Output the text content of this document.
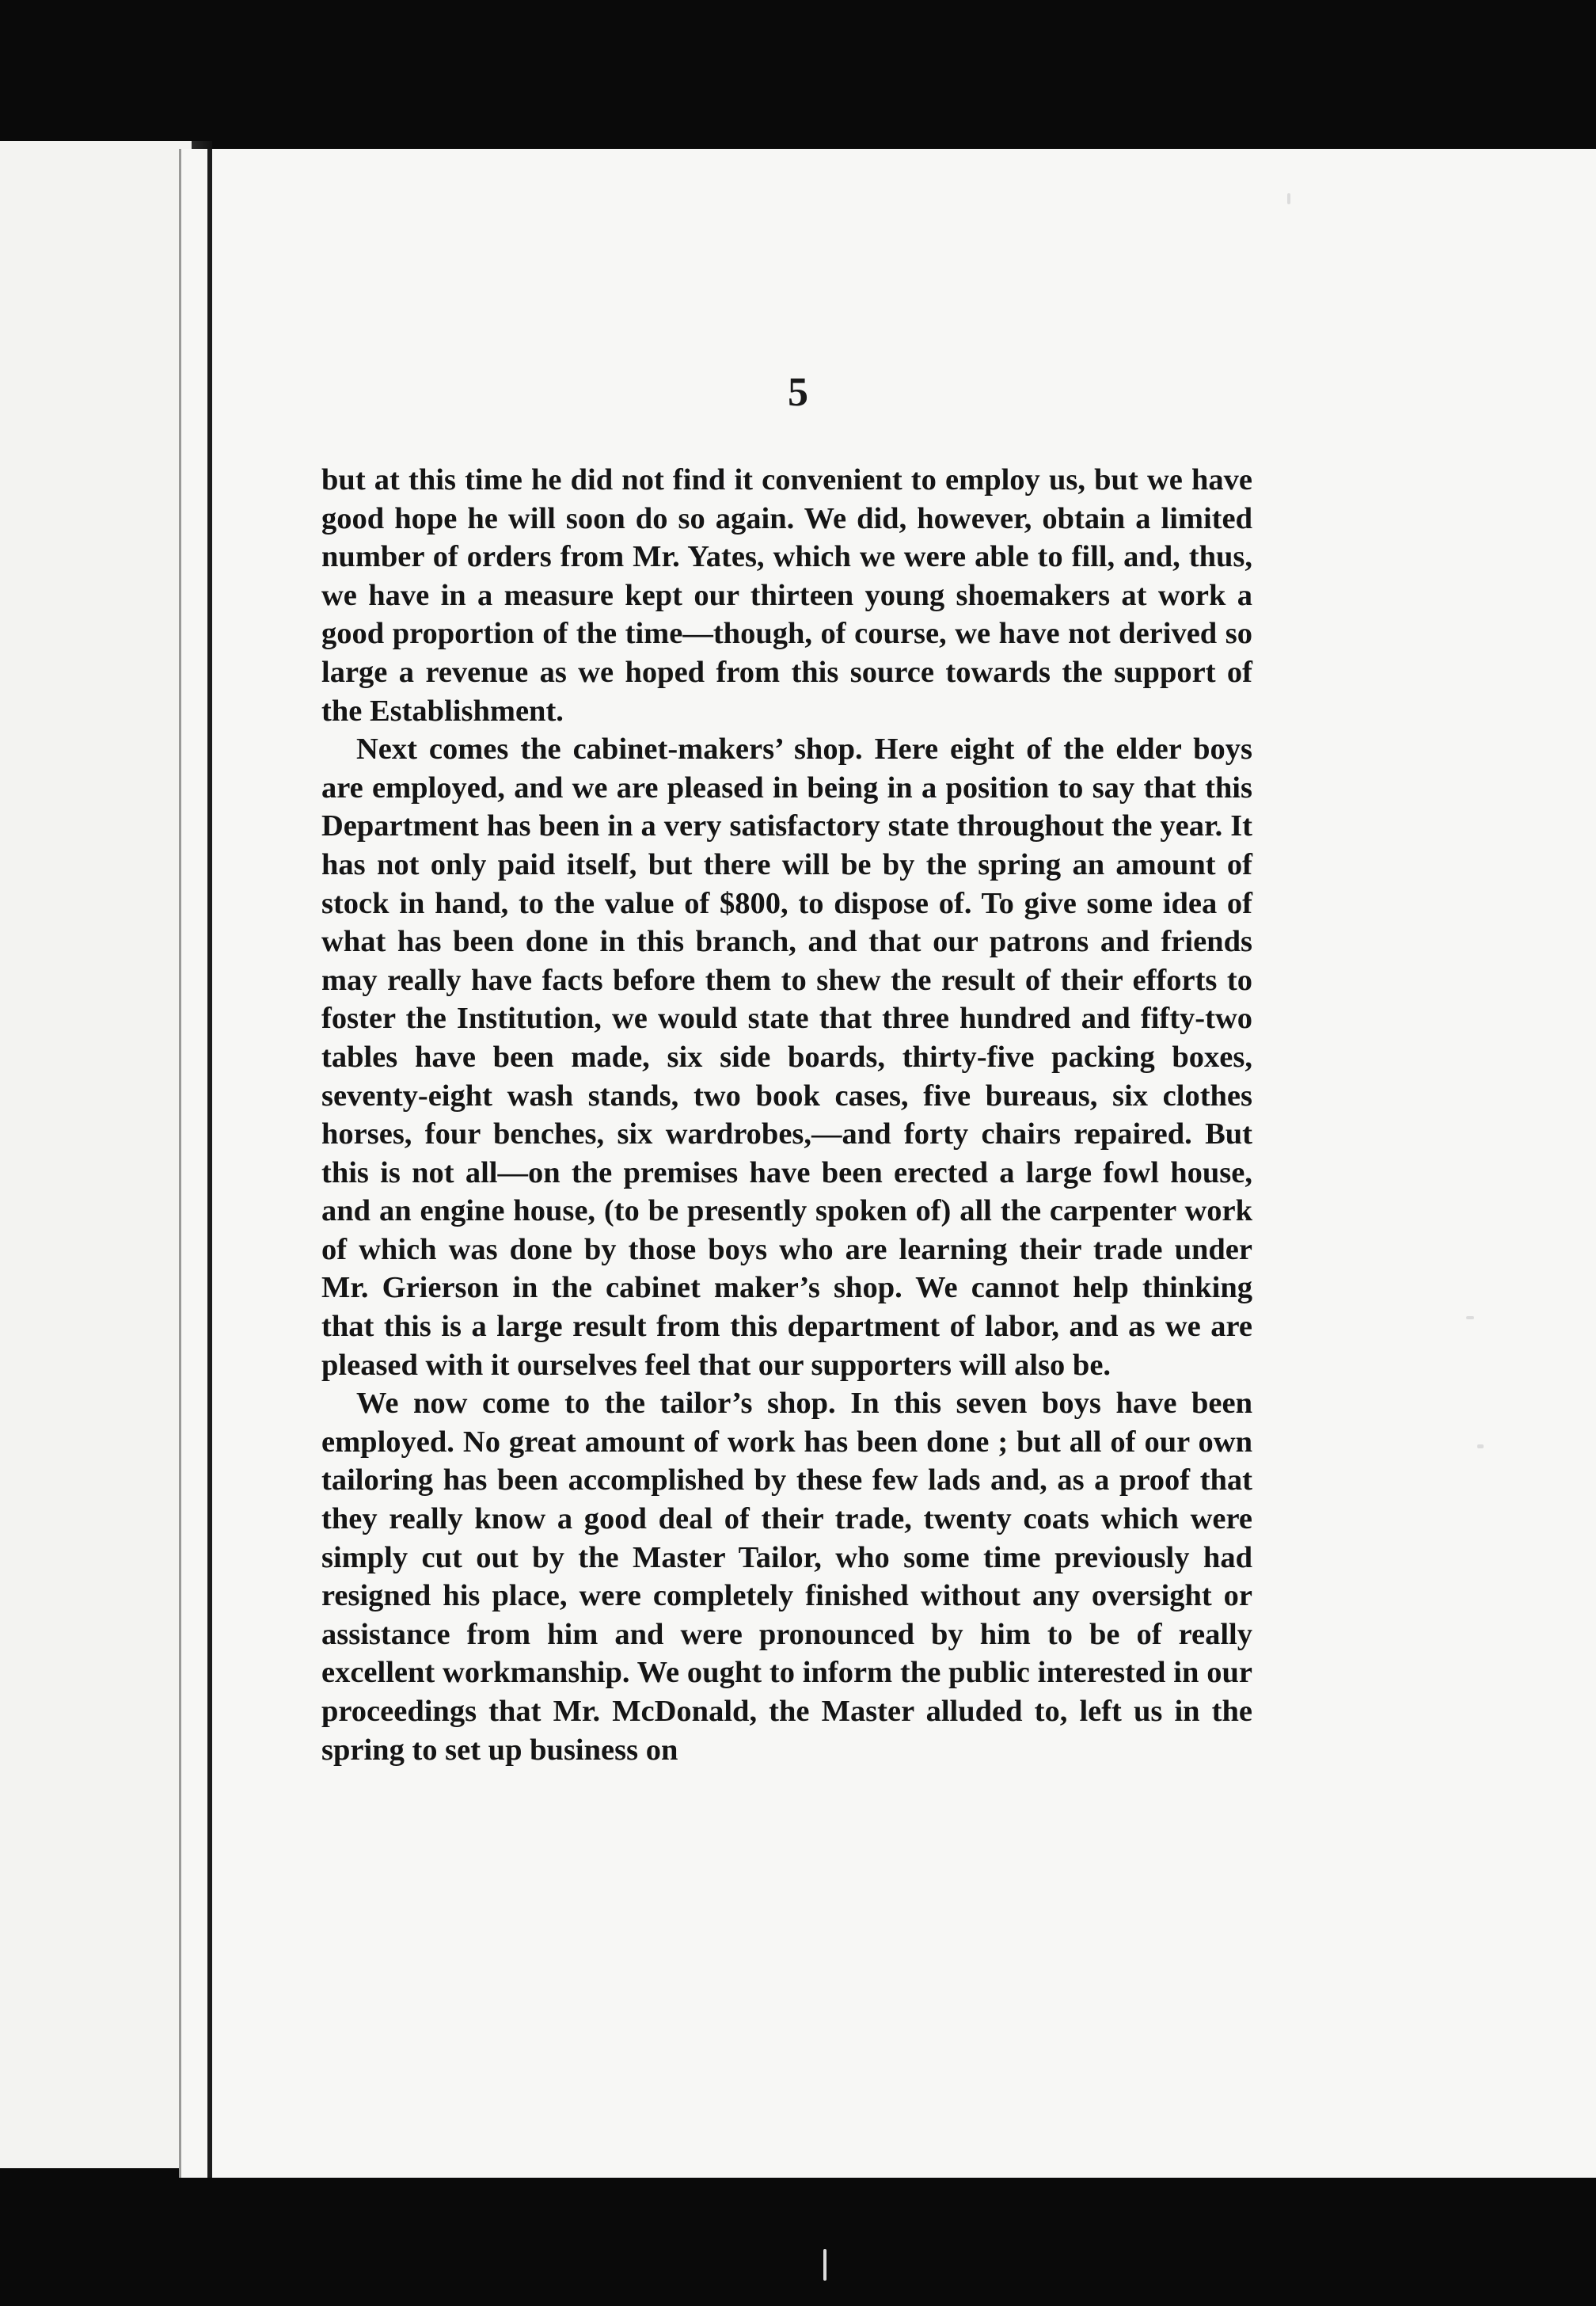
5

but at this time he did not find it convenient to employ us, but we have good hope he will soon do so again. We did, however, obtain a limited number of orders from Mr. Yates, which we were able to fill, and, thus, we have in a measure kept our thirteen young shoemakers at work a good proportion of the time—though, of course, we have not derived so large a revenue as we hoped from this source towards the support of the Establishment.

Next comes the cabinet-makers’ shop. Here eight of the elder boys are employed, and we are pleased in being in a position to say that this Department has been in a very satisfactory state throughout the year. It has not only paid itself, but there will be by the spring an amount of stock in hand, to the value of $800, to dispose of. To give some idea of what has been done in this branch, and that our patrons and friends may really have facts before them to shew the result of their efforts to foster the Institution, we would state that three hundred and fifty-two tables have been made, six side boards, thirty-five packing boxes, seventy-eight wash stands, two book cases, five bureaus, six clothes horses, four benches, six wardrobes,—and forty chairs repaired. But this is not all—on the premises have been erected a large fowl house, and an engine house, (to be presently spoken of) all the carpenter work of which was done by those boys who are learning their trade under Mr. Grierson in the cabinet maker’s shop. We cannot help thinking that this is a large result from this department of labor, and as we are pleased with it ourselves feel that our supporters will also be.

We now come to the tailor’s shop. In this seven boys have been employed. No great amount of work has been done ; but all of our own tailoring has been accomplished by these few lads and, as a proof that they really know a good deal of their trade, twenty coats which were simply cut out by the Master Tailor, who some time previously had resigned his place, were completely finished without any oversight or assistance from him and were pronounced by him to be of really excellent workmanship. We ought to inform the public interested in our proceedings that Mr. McDonald, the Master alluded to, left us in the spring to set up business on
